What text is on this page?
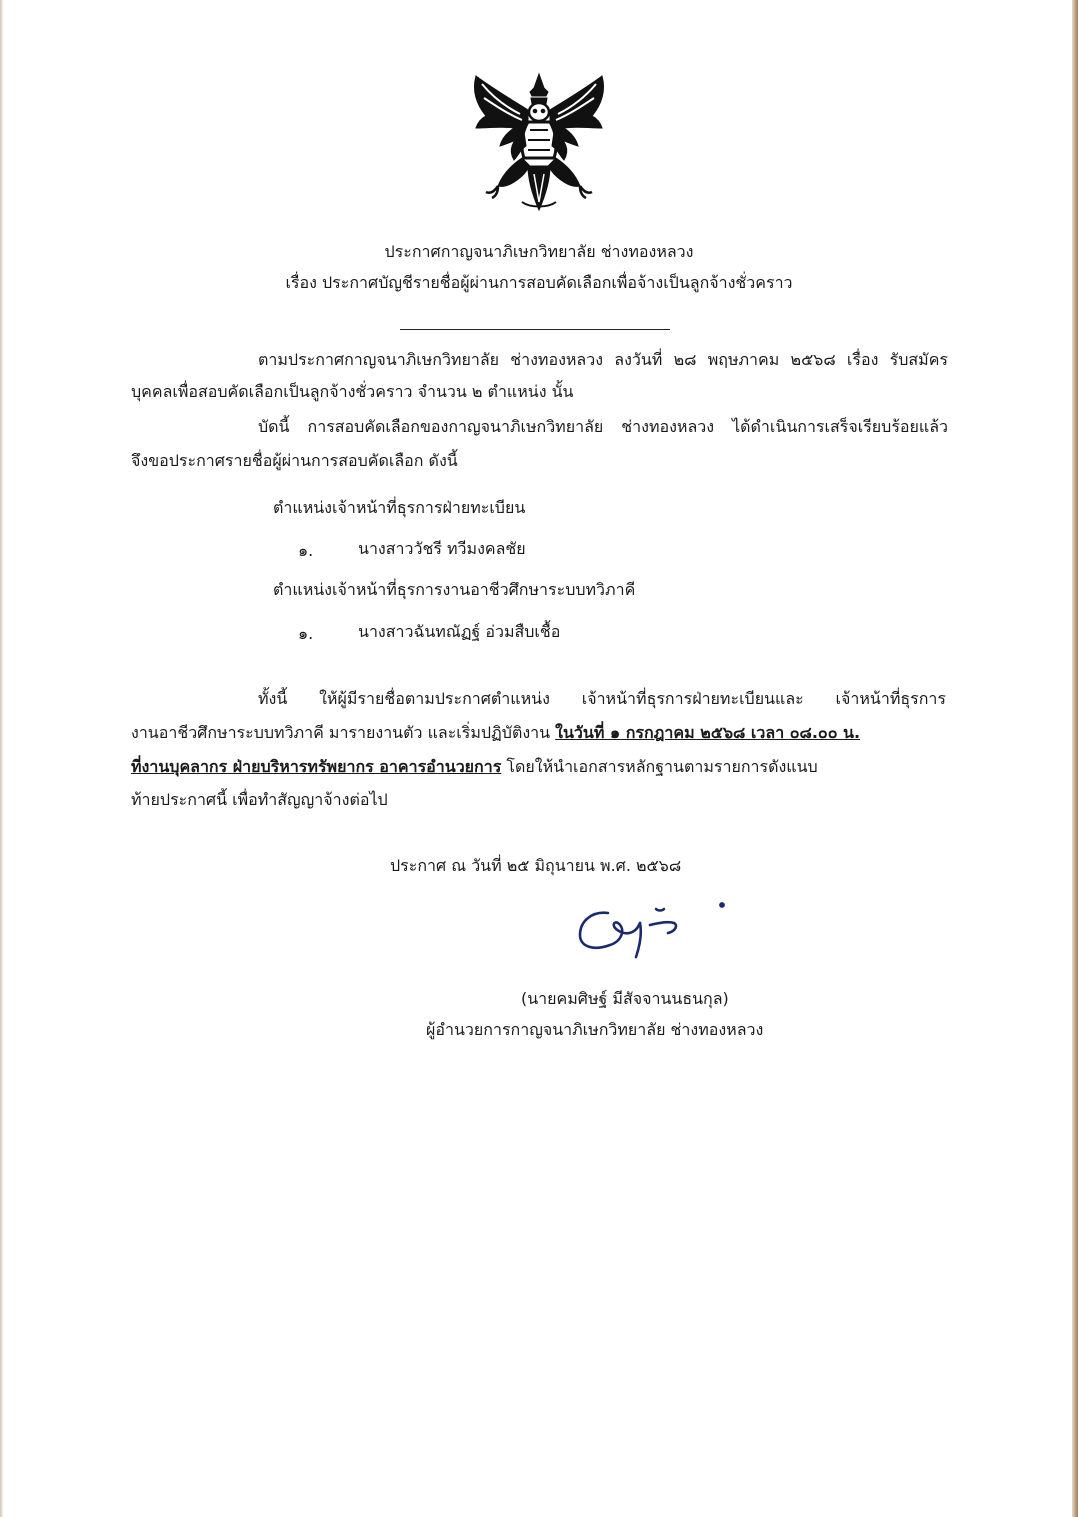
ประกาศกาญจนาภิเษกวิทยาลัย ช่างทองหลวง
เรื่อง ประกาศบัญชีรายชื่อผู้ผ่านการสอบคัดเลือกเพื่อจ้างเป็นลูกจ้างชั่วคราว
ตามประกาศกาญจนาภิเษกวิทยาลัย ช่างทองหลวง ลงวันที่ ๒๘ พฤษภาคม ๒๕๖๘ เรื่อง รับสมัคร
บุคคลเพื่อสอบคัดเลือกเป็นลูกจ้างชั่วคราว จำนวน ๒ ตำแหน่ง นั้น
บัดนี้ การสอบคัดเลือกของกาญจนาภิเษกวิทยาลัย ช่างทองหลวง ได้ดำเนินการเสร็จเรียบร้อยแล้ว
จึงขอประกาศรายชื่อผู้ผ่านการสอบคัดเลือก ดังนี้
ตำแหน่งเจ้าหน้าที่ธุรการฝ่ายทะเบียน
๑.	นางสาววัชรี ทวีมงคลชัย
ตำแหน่งเจ้าหน้าที่ธุรการงานอาชีวศึกษาระบบทวิภาคี
๑.	นางสาวฉันทณัฏฐ์ อ่วมสืบเชื้อ
ทั้งนี้ ให้ผู้มีรายชื่อตามประกาศตำแหน่ง เจ้าหน้าที่ธุรการฝ่ายทะเบียนและ เจ้าหน้าที่ธุรการ
งานอาชีวศึกษาระบบทวิภาคี มารายงานตัว และเริ่มปฏิบัติงาน ในวันที่ ๑ กรกฎาคม ๒๕๖๘ เวลา ๐๘.๐๐ น.
ที่งานบุคลากร ฝ่ายบริหารทรัพยากร อาคารอำนวยการ โดยให้นำเอกสารหลักฐานตามรายการดังแนบ
ท้ายประกาศนี้ เพื่อทำสัญญาจ้างต่อไป
ประกาศ ณ วันที่ ๒๕ มิถุนายน พ.ศ. ๒๕๖๘
(นายคมศิษฐ์ มีสัจจานนธนกุล)
ผู้อำนวยการกาญจนาภิเษกวิทยาลัย ช่างทองหลวง
